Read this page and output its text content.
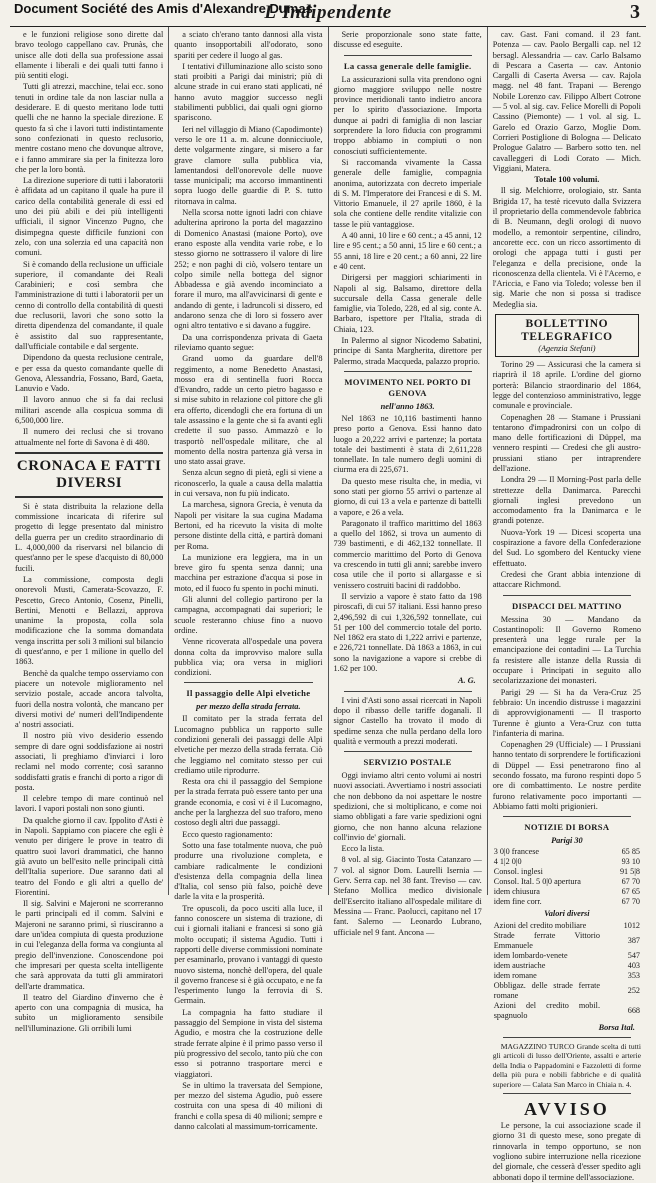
Document Société des Amis d'Alexandre Dumas
L'Indipendente	3

e le funzioni religiose sono dirette dal bravo teologo cappellano cav. Prunàs, che unisce alle doti della sua professione assai ellamente i liberali e dei quali tutti fanno i più sentiti elogi.

Tutti gli atrezzi, macchine, telai ecc. sono tenuti in ordine tale da non lasciar nulla a desiderare. E di questo meritano lode tutti quelli che ne hanno la speciale direzione. E questo fa sì che i lavori tutti indistintamente sono confezionati in questo reclusorio, mentre costano meno che dovunque altrove, e i fanno ammirare sia per la finitezza loro che per la loro bontà.

La direzione superiore di tutti i laboratorii è affidata ad un capitano il quale ha pure il carico della contabilità generale di essi ed uno dei più abili e dei più intelligenti ufficiali, il signor Vincenzo Pugno, che disimpegna queste difficile funzioni con zelo, con una solerzia ed una capacità non comuni.

Si è comando della reclusione un ufficiale superiore, il comandante dei Reali Carabinieri; e così sembra che l'amministrazione di tutti i laboratorii per un cenno di controllo della contabilità di questi due reclusorii, lavori che sono sotto la diretta dipendenza del comandante, il quale è assistito dal suo rappresentante, dall'ufficiale contabile e dal sergente.

Dipendono da questa reclusione centrale, e per essa da questo comandante quelle di Genova, Alessandria, Fossano, Bard, Gaeta, Lanuvio e Vado.

Il lavoro annuo che si fa dai reclusi militari ascende alla cospicua somma di 6,500,000 lire.

Il numero dei reclusi che si trovano attualmente nel forte di Savona è di 480.

CRONACA E FATTI DIVERSI

Si è stata distribuita la relazione della commissione incaricata di riferire sul progetto di legge presentato dal ministro della guerra per un credito straordinario di L. 4,000,000 da riservarsi nel bilancio di quest'anno per le spese d'acquisto di 80,000 fucili.

La commissione, composta degli onorevoli Musti, Camerata-Scovazzo, F. Pescetto, Greco Antonio, Cosenz, Pinelli, Bertini, Menotti e Bellazzi, approva unanime la proposta, colla sola modificazione che la somma domandata venga inscritta per soli 3 milioni sul bilancio di quest'anno, e per 1 milione in quello del 1863.

Benchè da qualche tempo osserviamo con piacere un notevole miglioramento nel servizio postale, accade ancora talvolta, fuori della nostra volontà, che mancano per diversi motivi de' numeri dell'Indipendente a' nostri associati.

Il nostro più vivo desiderio essendo sempre di dare ogni soddisfazione ai nostri associati, li preghiamo d'inviarci i loro reclami nel modo corrente; così saranno soddisfatti gratis e franchi di porto a rigor di posta.

Il celebre tempo di mare continuò nel lavori. I vapori postali non sono giunti.

Da qualche giorno il cav. Ippolito d'Asti è in Napoli. Sappiamo con piacere che egli è venuto per dirigere le prove in teatro di quattro suoi lavori drammatici, che hanno già avuto un bell'esito nelle principali città dell'Italia superiore. Due saranno dati al teatro del Fondo e gli altri a quello de' Fiorentini.

Il sig. Salvini e Majeroni ne scorreranno le parti principali ed il comm. Salvini e Majeroni ne saranno primi, sì riusciranno a dare un'idea compiuta di questa produzione in cui l'eleganza della forma va congiunta al pregio dell'invenzione. Conoscendone poi che impresari per questa scelta intelligente che sarà approvata da tutti gli ammiratori dell'arte drammatica.

Il teatro del Giardino d'inverno che è aperto con una compagnia di musica, ha subìto un miglioramento sensibile nell'illuminazione. Gli orribili lumi

a sciato ch'erano tanto dannosi alla vista quanto insopportabili all'odorato, sono spariti per cedere il luogo al gas.

I tentativi d'illuminazione allo scisto sono stati proibiti a Parigi dai ministri; più di alcune strade in cui erano stati applicati, né hanno avuto maggior successo negli stabilimenti pubblici, dai quali ogni giorno spariscono.

Ieri nel villaggio di Miano (Capodimonte) verso le ore 11 a. m. alcune donnicciuole, dette volgarmente zingare, si misero a far grave clamore sulla pubblica via, lamentandosi dell'onorevole delle nuove tasse municipali; ma accorso immantinenti sopra luogo delle guardie di P. S. tutto ritornava in calma.

Nella scorsa notte ignoti ladri con chiave adulterina aprirono la porta del magazzino di Domenico Anastasi (maione Porto), ove erano esposte alla vendita varie robe, e lo stesso giorno ne sottrassero il valore di lire 252; e non paghi di ciò, volsero tentare un colpo simile nella bottega del signor Abbadessa e già avendo incominciato a forare il muro, ma all'avvicinarsi di gente e andando di gente, i ladruncoli si dissero, ed andarono senza che di loro si fossero aver ogni altro tentativo e si davano a fuggire.

Da una corrispondenza privata di Gaeta rileviamo quanto segue:

Grand uomo da guardare dell'8 reggimento, a nome Benedetto Anastasi, mosso era di sentinella fuori Rocca d'Evandro, radde un certo pietro bagasso e si mise subito in relazione col pittore che gli era offerto, dicendogli che era fortuna di un tale assassino e la gente che si fa avanti egli credette il suo passo. Ammazzò e lo trasportò nell'ospedale militare, che al momento della nostra partenza già versa in uno stato assai grave.

Senza alcun segno di pietà, egli si viene a riconoscerlo, la quale a causa della malattia in cui versava, non fu più indicato.

La marchesa, signora Grecia, è venuta da Napoli per visitare la sua cugina Madama Bertoni, ed ha ricevuto la visita di molte persone distinte della città, e partirà domani per Roma.

La munizione era leggiera, ma in un breve giro fu spenta senza danni; una macchina per estrazione d'acqua si pose in moto, ed il fuoco fu spento in pochi minuti.

Gli alunni del collegio partirono per la campagna, accompagnati dai superiori; le scuole resteranno chiuse fino a nuovo ordine.

Venne ricoverata all'ospedale una povera donna colta da improvviso malore sulla pubblica via; ora versa in migliori condizioni.

Il passaggio delle Alpi elvetiche
per mezzo della strada ferrata.

Il comitato per la strada ferrata del Lucomagno pubblica un rapporto sulle condizioni generali dei passaggi delle Alpi elvetiche per mezzo della strada ferrata. Ciò che leggiamo nel comitato stesso per cui crediamo utile riprodurre.

Resta ora chi il passaggio del Sempione per la strada ferrata può essere tanto per una grande economia, e così vi è il Lucomagno, anche per la larghezza del suo traforo, meno costoso degli altri due passaggi.

Ecco questo ragionamento:

Sotto una fase totalmente nuova, che può produrre una rivoluzione completa, e cambiare radicalmente le condizioni d'esistenza della compagnia della linea d'Italia, col senso più falso, poichè deve darle la vita e la prosperità.

Tre opuscoli, da poco usciti alla luce, il fanno conoscere un sistema di trazione, di cui i giornali italiani e francesi si sono già molto occupati; il sistema Agudio. Tutti i rapporti delle diverse commissioni nominate per esaminarlo, provano i vantaggi di questo nuovo sistema, nonchè dell'opera, del quale il governo francese si è già occupato, e ne fa l'esperimento lungo la ferrovia di S. Germain.

La compagnia ha fatto studiare il passaggio del Sempione in vista del sistema Agudio, e mostra che la costruzione delle strade ferrate alpine è il primo passo verso il più progressivo del secolo, tanto più che con esso si potranno trasportare merci e viaggiatori.

Se in ultimo la traversata del Sempione, per mezzo del sistema Agudio, può essere costruita con una spesa di 40 milioni di franchi e colla spesa di 40 milioni; sempre e danno calcolati al massimum-torricamente.

Serie proporzionale sono state fatte, discusse ed eseguite.

La cassa generale delle famiglie.

La assicurazioni sulla vita prendono ogni giorno maggiore sviluppo nelle nostre province meridionali tanto indietro ancora per lo spirito d'associazione. Importa dunque ai padri di famiglia di non lasciar sorprendere la loro fiducia con programmi troppo abbiamo in compiuti o non conosciuti sufficientemente.

Si raccomanda vivamente la Cassa generale delle famiglie, compagnia anonima, autorizzata con decreto imperiale di S. M. l'Imperatore dei Francesi e di S. M. Vittorio Emanuele, il 27 aprile 1860, è la sola che contiene delle rendite vitalizie con tasse le più vantaggiose.

A 40 anni, 10 lire e 60 cent.; a 45 anni, 12 lire e 95 cent.; a 50 anni, 15 lire e 60 cent.; a 55 anni, 18 lire e 20 cent.; a 60 anni, 22 lire e 40 cent.

Dirigersi per maggiori schiarimenti in Napoli al sig. Balsamo, direttore della succursale della Cassa generale delle famiglie, via Toledo, 228, ed al sig. conte A. Barbaro, ispettore per l'Italia, strada di Chiaia, 123.

In Palermo al signor Nicodemo Sabatini, principe di Santa Margherita, direttore per Palermo, strada Macqueda, palazzo proprio.

MOVIMENTO NEL PORTO DI GENOVA
nell'anno 1863.

Nel 1863 ne 10,116 bastimenti hanno preso porto a Genova. Essi hanno dato luogo a 20,222 arrivi e partenze; la portata totale dei bastimenti è stata di 2,611,228 tonnellate. In tale numero degli uomini di ciurma era di 225,671.

Da questo mese risulta che, in media, vi sono stati per giorno 55 arrivi o partenze al giorno, di cui 13 a vela e partenze di battelli a vapore, e 26 a vela.

Paragonato il traffico marittimo del 1863 a quello del 1862, si trova un aumento di 739 bastimenti, e di 462,132 tonnellate. Il commercio marittimo del Porto di Genova va crescendo in tutti gli anni; sarebbe invero cosa utile che il porto si allargasse e sì venissero costruiti bacini di raddobbo.

Il servizio a vapore è stato fatto da 198 piroscafi, di cui 57 italiani. Essi hanno preso 2,496,592 di cui 1,326,592 tonnellate, cui 51 per 100 del commercio totale del porto. Nel 1862 era stato di 1,222 arrivi e partenze, e 226,721 tonnellate. Dà 1863 a 1863, in cui sono la navigazione a vapore si crebbe di 1.62 per 100.

A. G.

I vini d'Asti sono assai ricercati in Napoli dopo il ribasso delle tariffe doganali. Il signor Castello ha trovato il modo di spedirne senza che nulla perdano della loro qualità e vermouth a prezzi moderati.

SERVIZIO POSTALE

Oggi inviamo altri cento volumi ai nostri nuovi associati. Avvertiamo i nostri associati che non debbono da noi aspettare le nostre spedizioni, che si moltiplicano, e come noi siamo obbligati a fare varie spedizioni ogni giorno, che non hanno alcuna relazione coll'invio de' giornali.

Ecco la lista.

8 vol. al sig. Giacinto Tosta Catanzaro — 7 vol. al signor Dom. Laurelli Isernia — Gerv. Serra cap. nel 38 fant. Treviso — cav. Stefano Mollica medico divisionale dell'Esercito italiano all'ospedale militare di Messina — Franc. Paolucci, capitano nel 17 fant. Salerno — Leonardo Lubrano, ufficiale nel 9 fant. Ancona —

cav. Gast. Fani comand. il 23 fant. Potenza — cav. Paolo Bergalli cap. nel 12 bersagl. Alessandria — cav. Carlo Balsamo di Pescara a Caserta — cav. Antonio Cargalli di Caserta Aversa — cav. Rajola magg. nel 48 fant. Trapani — Berengo Nobile Lorenzo cav. Filippo Albert Cotrone — 5 vol. al sig. cav. Felice Morelli di Popoli Cassino (Piemonte) — 1 vol. al sig. L. Garelo ed Orazio Garzo, Moglie Dom. Corrieri Postiglione di Bologna — Delicato Prologue Galatro — Barbero sotto ten. nel cavalleggeri di Lodi Corato — Mich. Viggiani, Matera.

Totale 100 volumi.

Il sig. Melchiorre, orologiaio, str. Santa Brigida 17, ha testè ricevuto dalla Svizzera il proprietario della commendevole fabbrica di B. Neumann, degli orologi di nuovo modello, a remontoir serpentine, cilindro, ancorette ecc. con un ricco assortimento di orologi che appaga tutti i gusti per l'eleganza e della precisione, onde la riconoscenza della clientela. Vi è l'Acerno, e l'Ariccia, e Fano via Toledo; volesse ben il sig. Marie che non si possa si tradisce Medeglia sia.

BOLLETTINO TELEGRAFICO
(Agenzia Stefani)

Torino 29 — Assicurasi che la camera si riaprirà il 18 aprile. L'ordine del giorno porterà: Bilancio straordinario del 1864, legge del contenzioso amministrativo, legge comunale e provinciale.

Copenaghen 28 — Stamane i Prussiani tentarono d'impadronirsi con un colpo di mano delle fortificazioni di Düppel, ma vennero respinti — Credesi che gli austro-prussiani stiano per intraprendere dell'azione.

Londra 29 — Il Morning-Post parla delle strettezze della Danimarca. Parecchi giornali inglesi prevedono un accomodamento fra la Danimarca e le grandi potenze.

Nuova-York 19 — Dicesi scoperta una cospirazione a favore della Confederazione del Sud. Lo sgombero del Kentucky viene effettuato.

Credesi che Grant abbia intenzione di attaccare Richmond.

DISPACCI DEL MATTINO

Messina 30 — Mandano da Costantinopoli: Il Governo Romeno presenterà una legge rurale per la emancipazione dei contadini — La Turchia fa resistere alle istanze della Russia di occupare i Principati in seguito allo secolarizzazione dei monasteri.

Parigi 29 — Si ha da Vera-Cruz 25 febbraio: Un incendio distrusse i magazzini di approvvigionamenti — Il trasporto Turenne è giunto a Vera-Cruz con tutta l'infanteria di marina.

Copenaghen 29 (Ufficiale) — I Prussiani hanno tentato di sorprendere le fortificazioni di Düppel — Essi penetrarono fino al secondo fossato, ma furono respinti dopo 5 ore di combattimento. Le nostre perdite furono relativamente poco importanti — Abbiamo fatti molti prigionieri.

NOTIZIE DI BORSA
Parigi 30
3 0|0 francese	65 85
4 1|2 0|0	93 10
Consol. inglesi	91 5|8
Consol. Ital. 5 0|0 apertura	67 70
idem chiusura	67 65
idem fine corr.	67 70
Valori diversi
Azioni del credito mobiliare	1012
Strade ferrate Vittorio Emmanuele	387
idem lombardo-venete	547
idem austriache	403
idem romane	353
Obbligaz. delle strade ferrate romane	252
Azioni del credito mobil. spagnuolo	668
Borsa Ital.

MAGAZZINO TURCO Grande scelta di tutti gli articoli di lusso dell'Oriente, assalti e arterie della India o Pappadomini e Fazzoletti di forme della più pura e nobili fabbriche e di qualità superiore — Calata San Marco in Chiaia n. 4.

AVVISO

Le persone, la cui associazione scade il giorno 31 di questo mese, sono pregate di rinnovarla in tempo opportuno, se non vogliono subire interruzione nella ricezione del giornale, che cesserà d'esser spedito agli abbonati dopo il termine dell'associazione.
